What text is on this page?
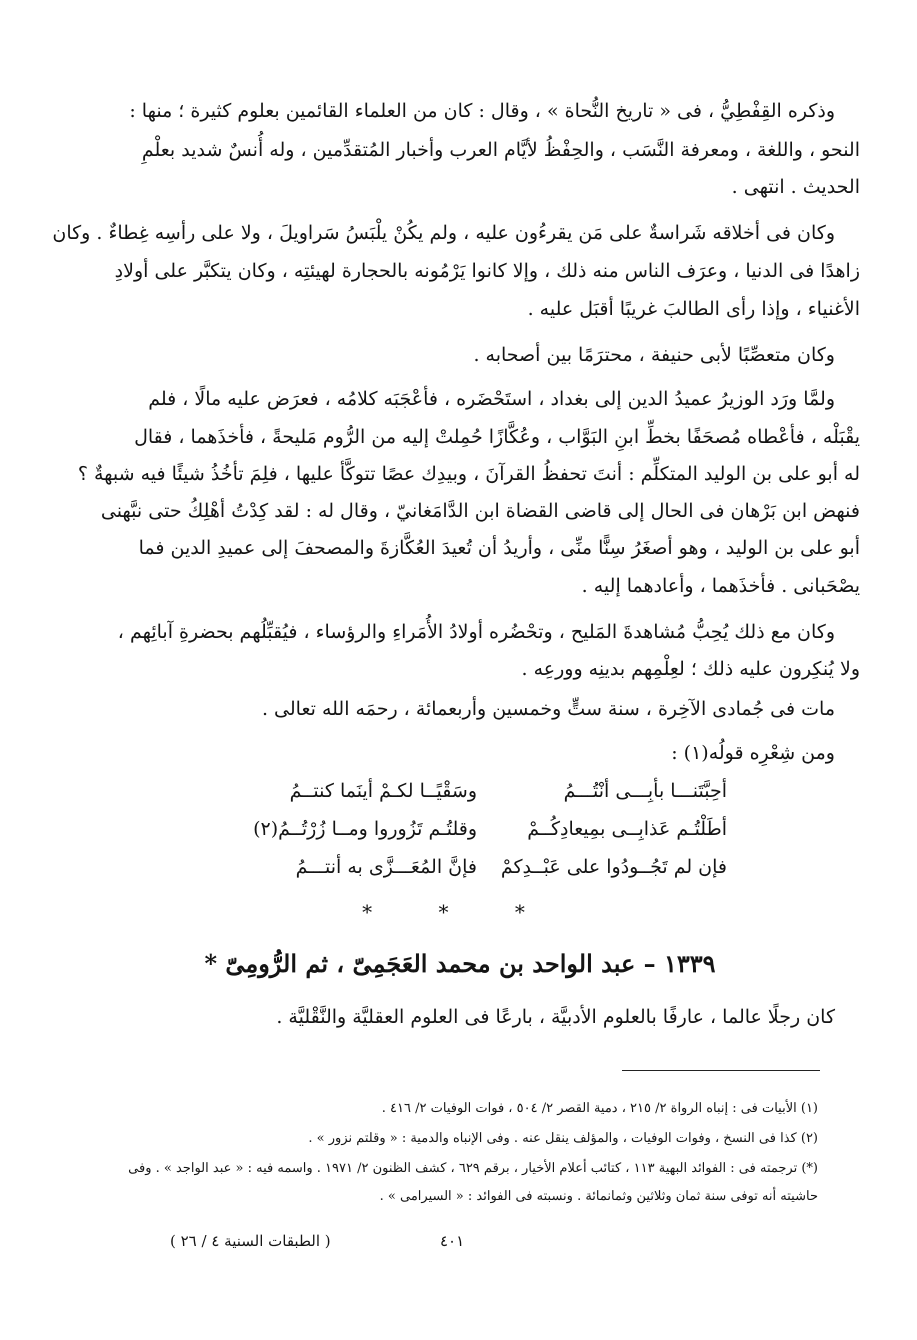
وذكره القِفْطِيُّ ، فى « تاريخ النُّحاة » ، وقال : كان من العلماء القائمين بعلوم كثيرة ؛ منها :
النحو ، واللغة ، ومعرفة النَّسَب ، والحِفْظُ لأيَّام العرب وأخبار المُتقدِّمين ، وله أُنسٌ شديد بعلْمِ
الحديث . انتهى .
وكان فى أخلاقه شَراسةٌ على مَن يقرءُون عليه ، ولم يكُنْ يلْبَسُ سَراويلَ ، ولا على رأسِه غِطاءٌ . وكان
زاهدًا فى الدنيا ، وعرَف الناس منه ذلك ، وإلا كانوا يَرْمُونه بالحجارة لهيئتِه ، وكان يتكبَّر على أولادِ
الأغنياء ، وإذا رأى الطالبَ غريبًا أقبَل عليه .
وكان متعصِّبًا لأبى حنيفة ، محترَمًا بين أصحابه .
ولمَّا ورَد الوزيرُ عميدُ الدين إلى بغداد ، استَحْضَره ، فأعْجَبَه كلامُه ، فعرَض عليه مالًا ، فلم
يقْبَلْه ، فأعْطاه مُصحَفًا بخطِّ ابنِ البَوَّاب ، وعُكَّازًا حُمِلتْ إليه من الرُّوم مَليحةً ، فأخذَهما ، فقال
له أبو على بن الوليد المتكلِّم : أنتَ تحفظُ القرآنَ ، وبيدِك عصًا تتوكَّأ عليها ، فلِمَ تأخُذُ شيئًا فيه شبهةٌ ؟
فنهض ابن بَرْهان فى الحال إلى قاضى القضاة ابن الدَّامَغانيّ ، وقال له : لقد كِدْتُ أهْلِكُ حتى نبَّهنى
أبو على بن الوليد ، وهو أصغَرُ سِنًّا منِّى ، وأريدُ أن تُعيدَ العُكَّازةَ والمصحفَ إلى عميدِ الدين فما
يصْحَبانى . فأخذَهما ، وأعادهما إليه .
وكان مع ذلك يُحِبُّ مُشاهدةَ المَليح ، وتحْضُره أولادُ الأُمَراءِ والرؤساء ، فيُقبِّلُهم بحضرةِ آبائِهم ،
ولا يُنكِرون عليه ذلك ؛ لعِلْمِهم بدينِه وورعِه .
مات فى جُمادى الآخِرة ، سنة ستٍّ وخمسين وأربعمائة ، رحمَه الله تعالى .
ومن شِعْرِه قولُه(١) :
أحِبَّتَنـــا بأبِـــى أنْتُـــمُ
وسَقْيًــا لكـمْ أينَما كنتــمُ
أطَلْتُـم عَذابِــى بمِيعادِكُــمْ
وقلتُـم تَزُوروا ومــا زُرْتُــمُ(٢)
فإن لم تَجُــودُوا على عَبْــدِكمْ
فإنَّ المُعَـــزَّى به أنتـــمُ
* * *
١٣٣٩ – عبد الواحد بن محمد العَجَمِىّ ، ثم الرُّومِىّ *
كان رجلًا عالما ، عارفًا بالعلوم الأدبيَّة ، بارعًا فى العلوم العقليَّة والنَّقْليَّة .
(١) الأبيات فى : إنباه الرواة ٢/ ٢١٥ ، دمية القصر ٢/ ٥٠٤ ، فوات الوفيات ٢/ ٤١٦ .
(٢) كذا فى النسخ ، وفوات الوفيات ، والمؤلف ينقل عنه . وفى الإنباه والدمية : « وقلتم نزور » .
(*) ترجمته فى : الفوائد البهية ١١٣ ، كتائب أعلام الأخيار ، برقم ٦٢٩ ، كشف الظنون ٢/ ١٩٧١ . واسمه فيه : « عبد الواجد » . وفى
حاشيته أنه توفى سنة ثمان وثلاثين وثمانمائة . ونسبته فى الفوائد : « السيرامى » .
٤٠١
( الطبقات السنية ٤ / ٢٦ )
